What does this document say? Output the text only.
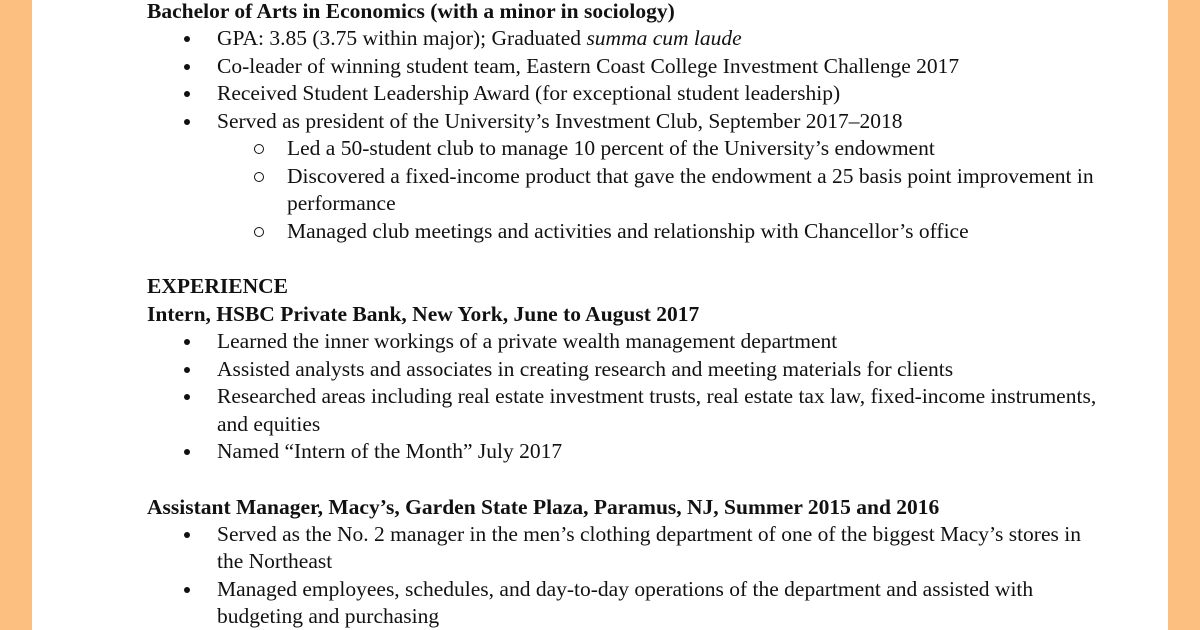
Bachelor of Arts in Economics (with a minor in sociology)

GPA: 3.85 (3.75 within major); Graduated summa cum laude
Co-leader of winning student team, Eastern Coast College Investment Challenge 2017
Received Student Leadership Award (for exceptional student leadership)
Served as president of the University’s Investment Club, September 2017–2018
Led a 50-student club to manage 10 percent of the University’s endowment
Discovered a fixed-income product that gave the endowment a 25 basis point improvement in performance
Managed club meetings and activities and relationship with Chancellor’s office

EXPERIENCE

Intern, HSBC Private Bank, New York, June to August 2017

Learned the inner workings of a private wealth management department
Assisted analysts and associates in creating research and meeting materials for clients
Researched areas including real estate investment trusts, real estate tax law, fixed-income instruments, and equities
Named “Intern of the Month” July 2017

Assistant Manager, Macy’s, Garden State Plaza, Paramus, NJ, Summer 2015 and 2016

Served as the No. 2 manager in the men’s clothing department of one of the biggest Macy’s stores in the Northeast
Managed employees, schedules, and day-to-day operations of the department and assisted with budgeting and purchasing
